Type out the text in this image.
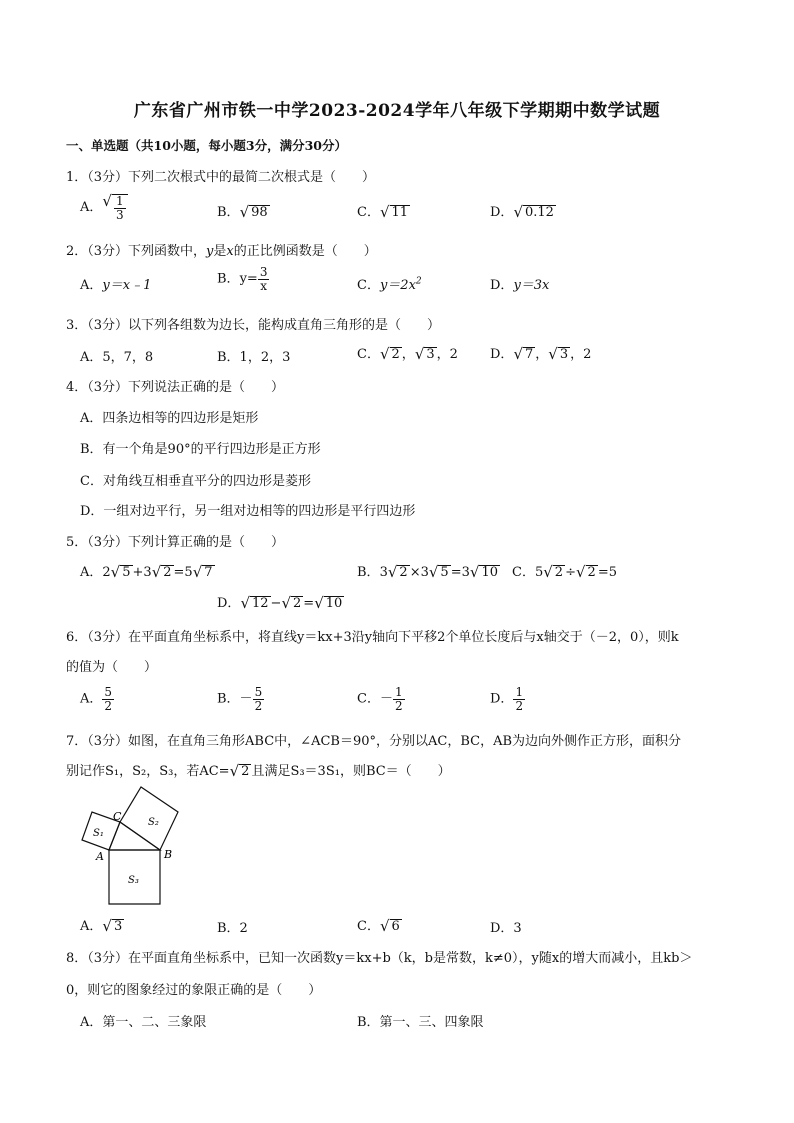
广东省广州市铁一中学2023-2024学年八年级下学期期中数学试题
一、单选题（共10小题，每小题3分，满分30分）
1．（3分）下列二次根式中的最简二次根式是（　　）
A． √ $\frac{1}{3}$	B． √ 98	C． √ 11	D． √ 0.12
2．（3分）下列函数中，y是x的正比例函数是（　　）
A．y＝x﹣1	B．$y= \frac{3}{x}$	C．$y=2x^2$	D．y＝3x
3．（3分）以下列各组数为边长，能构成直角三角形的是（　　）
A．5，7，8	B．1，2，3	C． √ 2 ， √ 3 ，2 D． √ 7 ， √ 3 ，2
4．（3分）下列说法正确的是（　　）
A．四条边相等的四边形是矩形
B．有一个角是90°的平行四边形是正方形
C．对角线互相垂直平分的四边形是菱形
D．一组对边平行，另一组对边相等的四边形是平行四边形
5．（3分）下列计算正确的是（　　）
A．2 √ 5 +3 √ 2 =5 √ 7	B．3 √ 2 ×3 √ 5 =3 √ 10 C．5 √ 2 ÷ √ 2 =5
D． √ 12 − √ 2 = √ 10
6．（3分）在平面直角坐标系中，将直线y＝kx+3沿y轴向下平移2个单位长度后与x轴交于（－2，0），则k
的值为（　　）
A． $\frac{5}{2}$	B．－ $\frac{5}{2}$	C．－ $\frac{1}{2}$	D． $\frac{1}{2}$
7．（3分）如图，在直角三角形ABC中，∠ACB＝90°，分别以AC，BC，AB为边向外侧作正方形，面积分
别记作S₁，S₂，S₃，若AC= √ 2 且满足S₃＝3S₁，则BC＝（　　）
C
A	B
S₁
S₂
S₃
A． √ 3	B．2	C． √ 6	D．3
8．（3分）在平面直角坐标系中，已知一次函数y＝kx+b（k，b是常数，k≠0），y随x的增大而减小，且kb＞
0，则它的图象经过的象限正确的是（　　）
A．第一、二、三象限	B．第一、三、四象限
